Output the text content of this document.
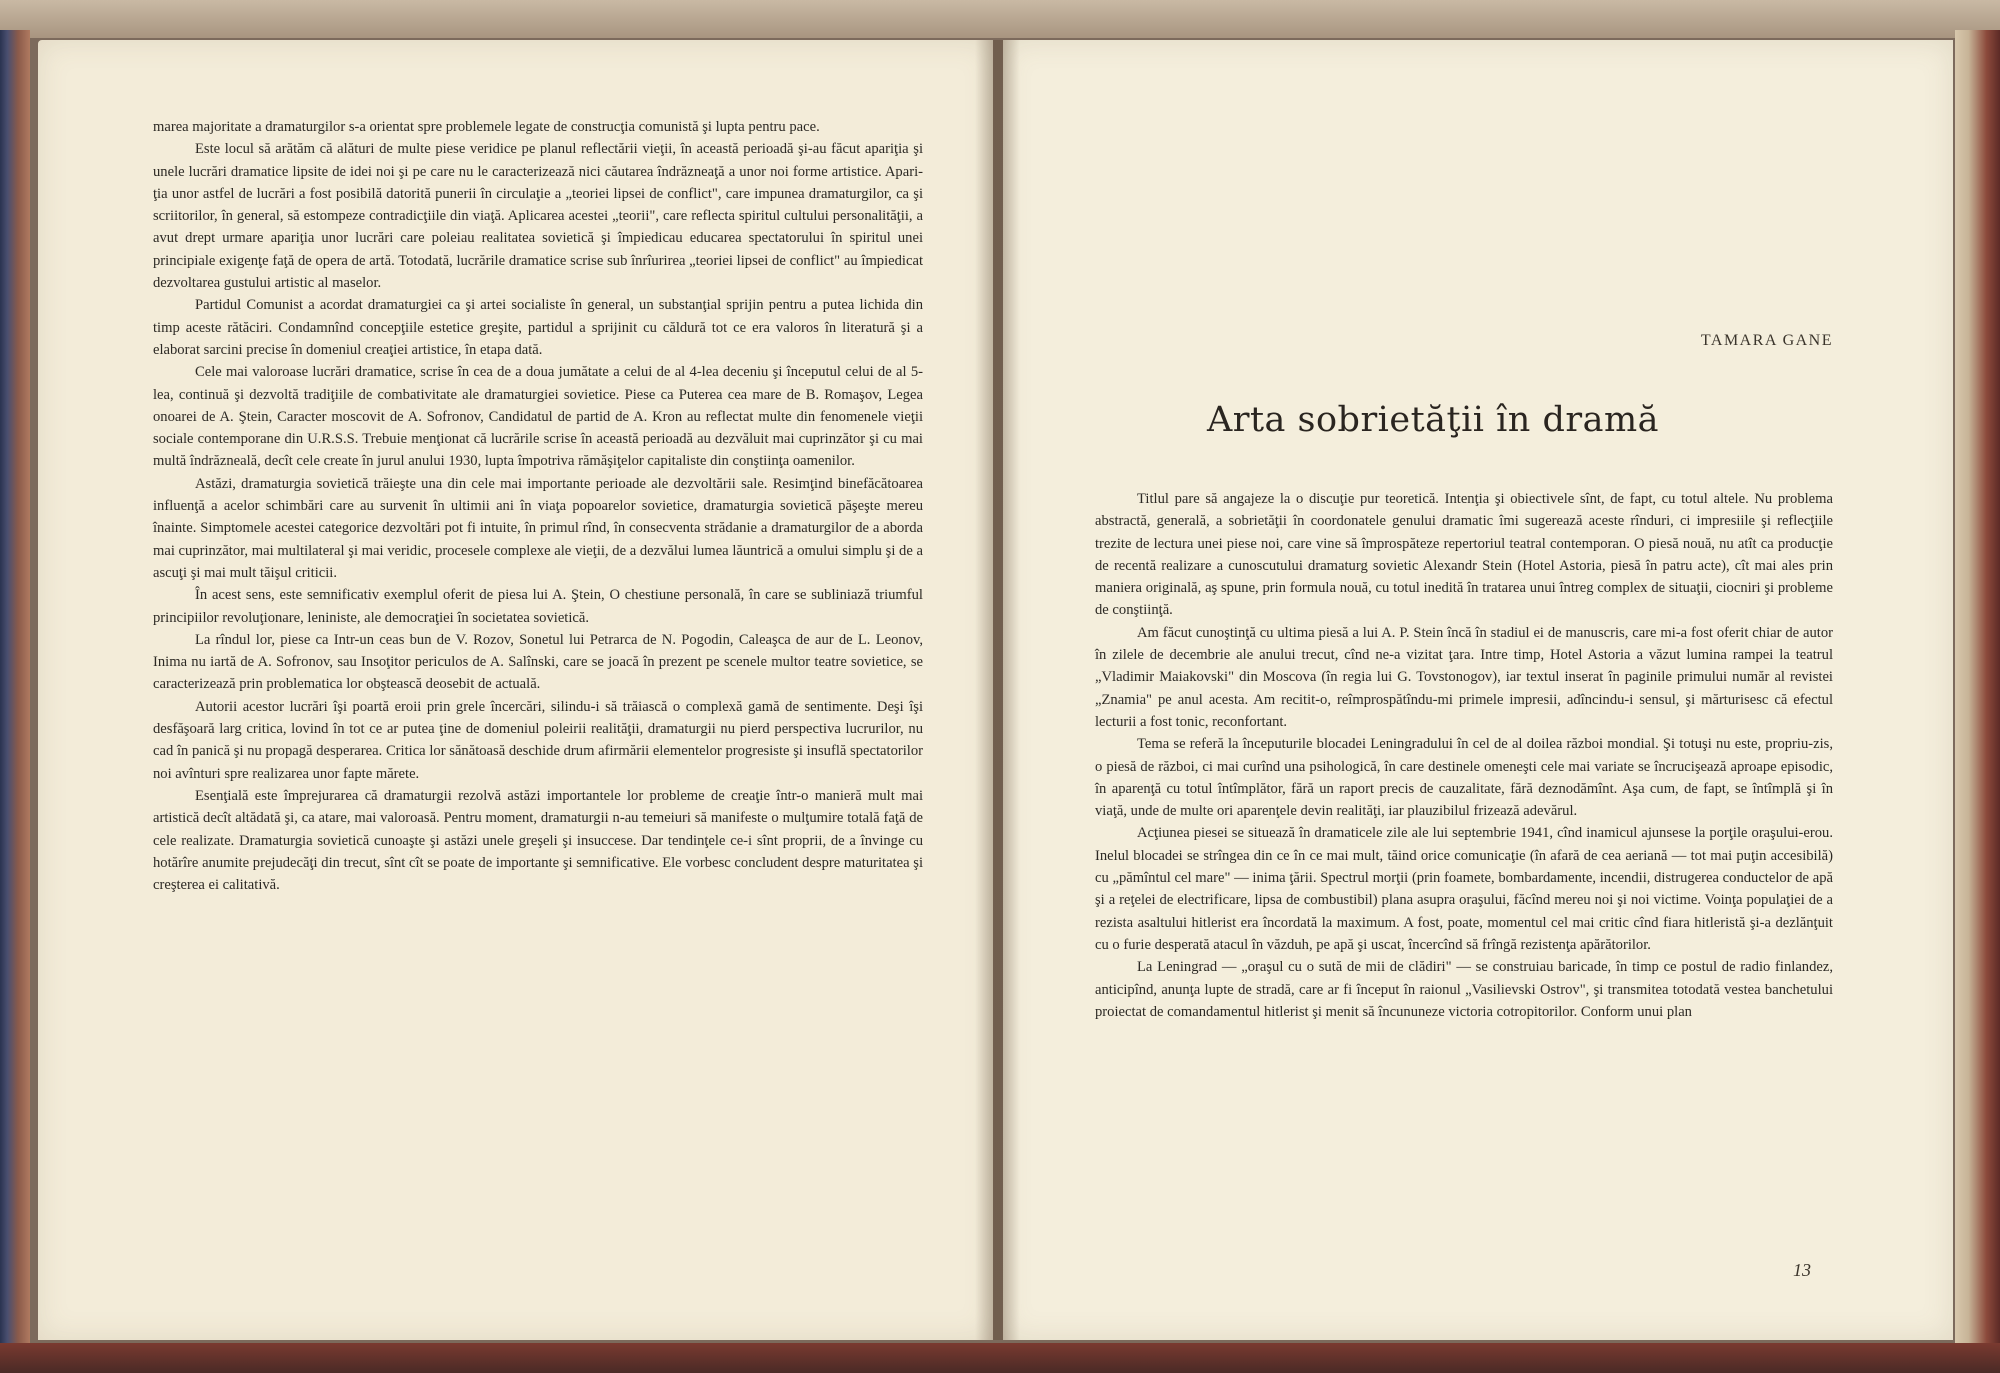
marea majoritate a dramaturgilor s-a orientat spre problemele legate de construcţia comunistă şi lupta pentru pace.

Este locul să arătăm că alături de multe piese veridice pe planul reflectării vieţii, în această perioadă şi-au făcut apariţia şi unele lucrări dramatice lipsite de idei noi şi pe care nu le caracterizează nici căutarea îndrăzneaţă a unor noi forme artistice. Apariţia unor astfel de lucrări a fost posibilă datorită punerii în circulaţie a „teoriei lipsei de conflict", care impunea dramaturgilor, ca şi scriitorilor, în general, să estompeze contradicţiile din viaţă. Aplicarea acestei „teorii", care reflecta spiritul cultului personalităţii, a avut drept urmare apariţia unor lucrări care poleiau realitatea sovietică şi împiedicau educarea spectatorului în spiritul unei principiale exigenţe faţă de opera de artă. Totodată, lucrările dramatice scrise sub înrîurirea „teoriei lipsei de conflict" au împiedicat dezvoltarea gustului artistic al maselor.

Partidul Comunist a acordat dramaturgiei ca şi artei socialiste în general, un substanţial sprijin pentru a putea lichida din timp aceste rătăciri. Condamnînd concepţiile estetice greşite, partidul a sprijinit cu căldură tot ce era valoros în literatură şi a elaborat sarcini precise în domeniul creaţiei artistice, în etapa dată.

Cele mai valoroase lucrări dramatice, scrise în cea de a doua jumătate a celui de al 4-lea deceniu şi începutul celui de al 5-lea, continuă şi dezvoltă tradiţiile de combativitate ale dramaturgiei sovietice. Piese ca Puterea cea mare de B. Romaşov, Legea onoarei de A. Ştein, Caracter moscovit de A. Sofronov, Candidatul de partid de A. Kron au reflectat multe din fenomenele vieţii sociale contemporane din U.R.S.S. Trebuie menţionat că lucrările scrise în această perioadă au dezvăluit mai cuprinzător şi cu mai multă îndrăzneală, decît cele create în jurul anului 1930, lupta împotriva rămăşiţelor capitaliste din conştiinţa oamenilor.

Astăzi, dramaturgia sovietică trăieşte una din cele mai importante perioade ale dezvoltării sale. Resimţind binefăcătoarea influenţă a acelor schimbări care au survenit în ultimii ani în viaţa popoarelor sovietice, dramaturgia sovietică păşeşte mereu înainte. Simptomele acestei categorice dezvoltări pot fi intuite, în primul rînd, în consecventa strădanie a dramaturgilor de a aborda mai cuprinzător, mai multilateral şi mai veridic, procesele complexe ale vieţii, de a dezvălui lumea lăuntrică a omului simplu şi de a ascuţi şi mai mult tăişul criticii.

În acest sens, este semnificativ exemplul oferit de piesa lui A. Ştein, O chestiune personală, în care se subliniază triumful principiilor revoluţionare, leniniste, ale democraţiei în societatea sovietică.

La rîndul lor, piese ca Intr-un ceas bun de V. Rozov, Sonetul lui Petrarca de N. Pogodin, Caleaşca de aur de L. Leonov, Inima nu iartă de A. Sofronov, sau Insoţitor periculos de A. Salînski, care se joacă în prezent pe scenele multor teatre sovietice, se caracterizează prin problematica lor obştească deosebit de actuală.

Autorii acestor lucrări îşi poartă eroii prin grele încercări, silindu-i să trăiască o complexă gamă de sentimente. Deşi îşi desfăşoară larg critica, lovind în tot ce ar putea ţine de domeniul poleirii realităţii, dramaturgii nu pierd perspectiva lucrurilor, nu cad în panică şi nu propagă desperarea. Critica lor sănătoasă deschide drum afirmării elementelor progresiste şi insuflă spectatorilor noi avînturi spre realizarea unor fapte mărete.

Esenţială este împrejurarea că dramaturgii rezolvă astăzi importantele lor probleme de creaţie într-o manieră mult mai artistică decît altădată şi, ca atare, mai valoroasă. Pentru moment, dramaturgii n-au temeiuri să manifeste o mulţumire totală faţă de cele realizate. Dramaturgia sovietică cunoaşte şi astăzi unele greşeli şi insuccese. Dar tendinţele ce-i sînt proprii, de a învinge cu hotărîre anumite prejudecăţi din trecut, sînt cît se poate de importante şi semnificative. Ele vorbesc concludent despre maturitatea şi creşterea ei calitativă.

TAMARA GANE
Arta sobrietăţii în dramă

Titlul pare să angajeze la o discuţie pur teoretică. Intenţia şi obiectivele sînt, de fapt, cu totul altele. Nu problema abstractă, generală, a sobrietăţii în coordonatele genului dramatic îmi sugerează aceste rînduri, ci impresiile şi reflecţiile trezite de lectura unei piese noi, care vine să împrospăteze repertoriul teatral contemporan. O piesă nouă, nu atît ca producţie de recentă realizare a cunoscutului dramaturg sovietic Alexandr Stein (Hotel Astoria, piesă în patru acte), cît mai ales prin maniera originală, aş spune, prin formula nouă, cu totul inedită în tratarea unui întreg complex de situaţii, ciocniri şi probleme de conştiinţă.

Am făcut cunoştinţă cu ultima piesă a lui A. P. Stein încă în stadiul ei de manuscris, care mi-a fost oferit chiar de autor în zilele de decembrie ale anului trecut, cînd ne-a vizitat ţara. Intre timp, Hotel Astoria a văzut lumina rampei la teatrul „Vladimir Maiakovski" din Moscova (în regia lui G. Tovstonogov), iar textul inserat în paginile primului număr al revistei „Znamia" pe anul acesta. Am recitit-o, reîmprospătîndu-mi primele impresii, adîncindu-i sensul, şi mărturisesc că efectul lecturii a fost tonic, reconfortant.

Tema se referă la începuturile blocadei Leningradului în cel de al doilea război mondial. Şi totuşi nu este, propriu-zis, o piesă de război, ci mai curînd una psihologică, în care destinele omeneşti cele mai variate se încrucişează aproape episodic, în aparenţă cu totul întîmplător, fără un raport precis de cauzalitate, fără deznodămînt. Aşa cum, de fapt, se întîmplă şi în viaţă, unde de multe ori aparenţele devin realităţi, iar plauzibilul frizează adevărul.

Acţiunea piesei se situează în dramaticele zile ale lui septembrie 1941, cînd inamicul ajunsese la porţile oraşului-erou. Inelul blocadei se strîngea din ce în ce mai mult, tăind orice comunicaţie (în afară de cea aeriană — tot mai puţin accesibilă) cu „pămîntul cel mare" — inima ţării. Spectrul morţii (prin foamete, bombardamente, incendii, distrugerea conductelor de apă şi a reţelei de electrificare, lipsa de combustibil) plana asupra oraşului, făcînd mereu noi şi noi victime. Voinţa populaţiei de a rezista asaltului hitlerist era încordată la maximum. A fost, poate, momentul cel mai critic cînd fiara hitleristă şi-a dezlănţuit cu o furie desperată atacul în văzduh, pe apă şi uscat, încercînd să frîngă rezistenţa apărătorilor.

La Leningrad — „oraşul cu o sută de mii de clădiri" — se construiau baricade, în timp ce postul de radio finlandez, anticipînd, anunţa lupte de stradă, care ar fi început în raionul „Vasilievski Ostrov", şi transmitea totodată vestea banchetului proiectat de comandamentul hitlerist şi menit să încununeze victoria cotropitorilor. Conform unui plan

13
